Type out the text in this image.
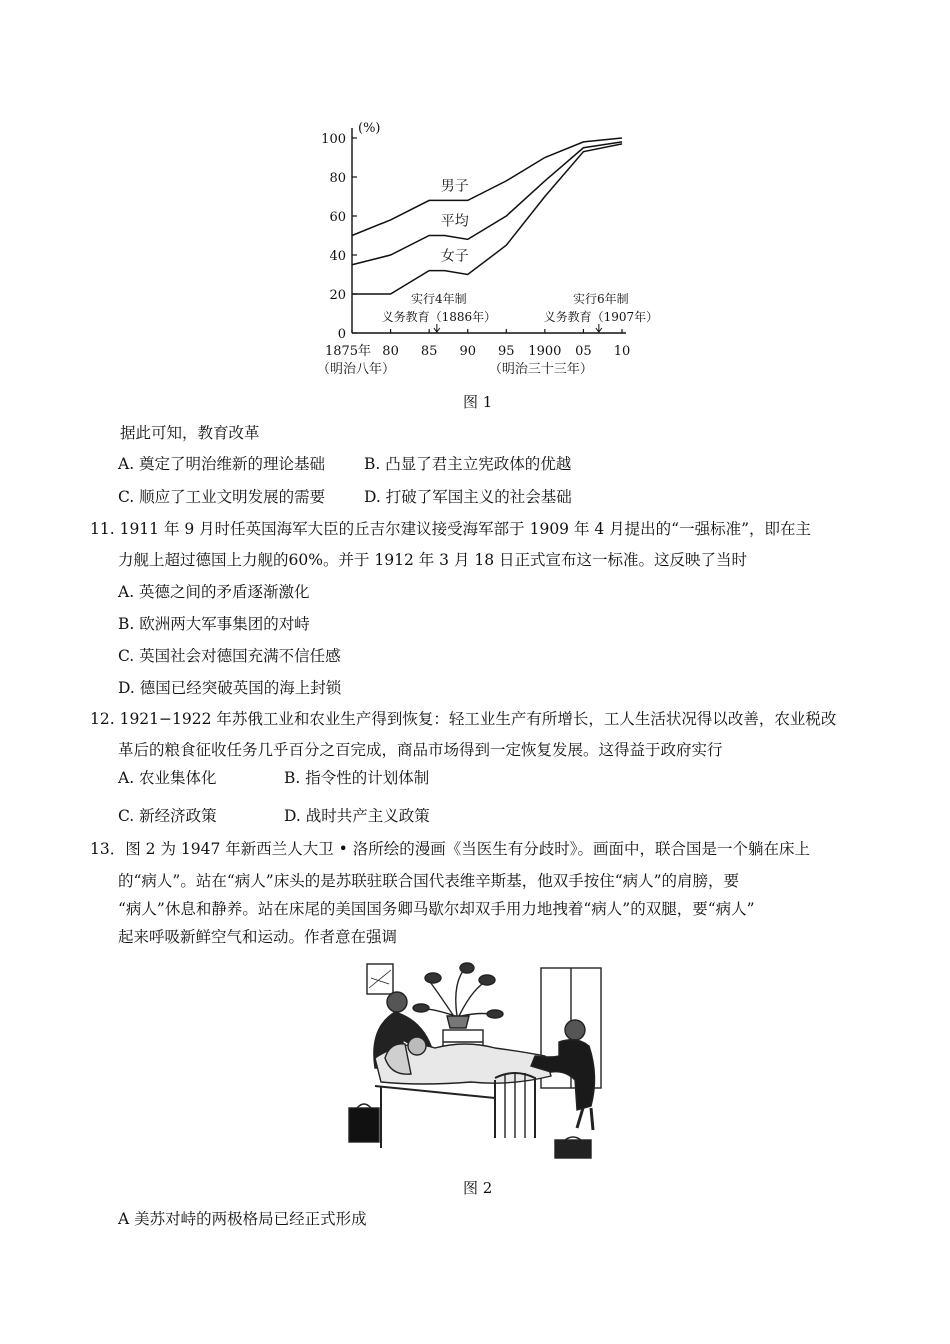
(%)
100
80
60
40
20
0
1875年 80 85 90 95 1900 05 10
（明治八年）	（明治三十三年）
男子
平均
女子
实行4年制
义务教育（1886年）
实行6年制
义务教育（1907年）
图 1
据此可知，教育改革
A. 奠定了明治维新的理论基础	B. 凸显了君主立宪政体的优越
C. 顺应了工业文明发展的需要	D. 打破了军国主义的社会基础
11. 1911 年 9 月时任英国海军大臣的丘吉尔建议接受海军部于 1909 年 4 月提出的“一强标准”，即在主
力舰上超过德国上力舰的60%。并于 1912 年 3 月 18 日正式宣布这一标准。这反映了当时
A. 英德之间的矛盾逐渐激化
B. 欧洲两大军事集团的对峙
C. 英国社会对德国充满不信任感
D. 德国已经突破英国的海上封锁
12. 1921−1922 年苏俄工业和农业生产得到恢复：轻工业生产有所增长，工人生活状况得以改善，农业税改
革后的粮食征收任务几乎百分之百完成，商品市场得到一定恢复发展。这得益于政府实行
A. 农业集体化	B. 指令性的计划体制
C. 新经济政策	D. 战时共产主义政策
13．图 2 为 1947 年新西兰人大卫 • 洛所绘的漫画《当医生有分歧时》。画面中，联合国是一个躺在床上
的“病人”。站在“病人”床头的是苏联驻联合国代表维辛斯基，他双手按住“病人”的肩膀，要
“病人”休息和静养。站在床尾的美国国务卿马歇尔却双手用力地拽着“病人”的双腿，要“病人”
起来呼吸新鲜空气和运动。作者意在强调
图 2
A 美苏对峙的两极格局已经正式形成
